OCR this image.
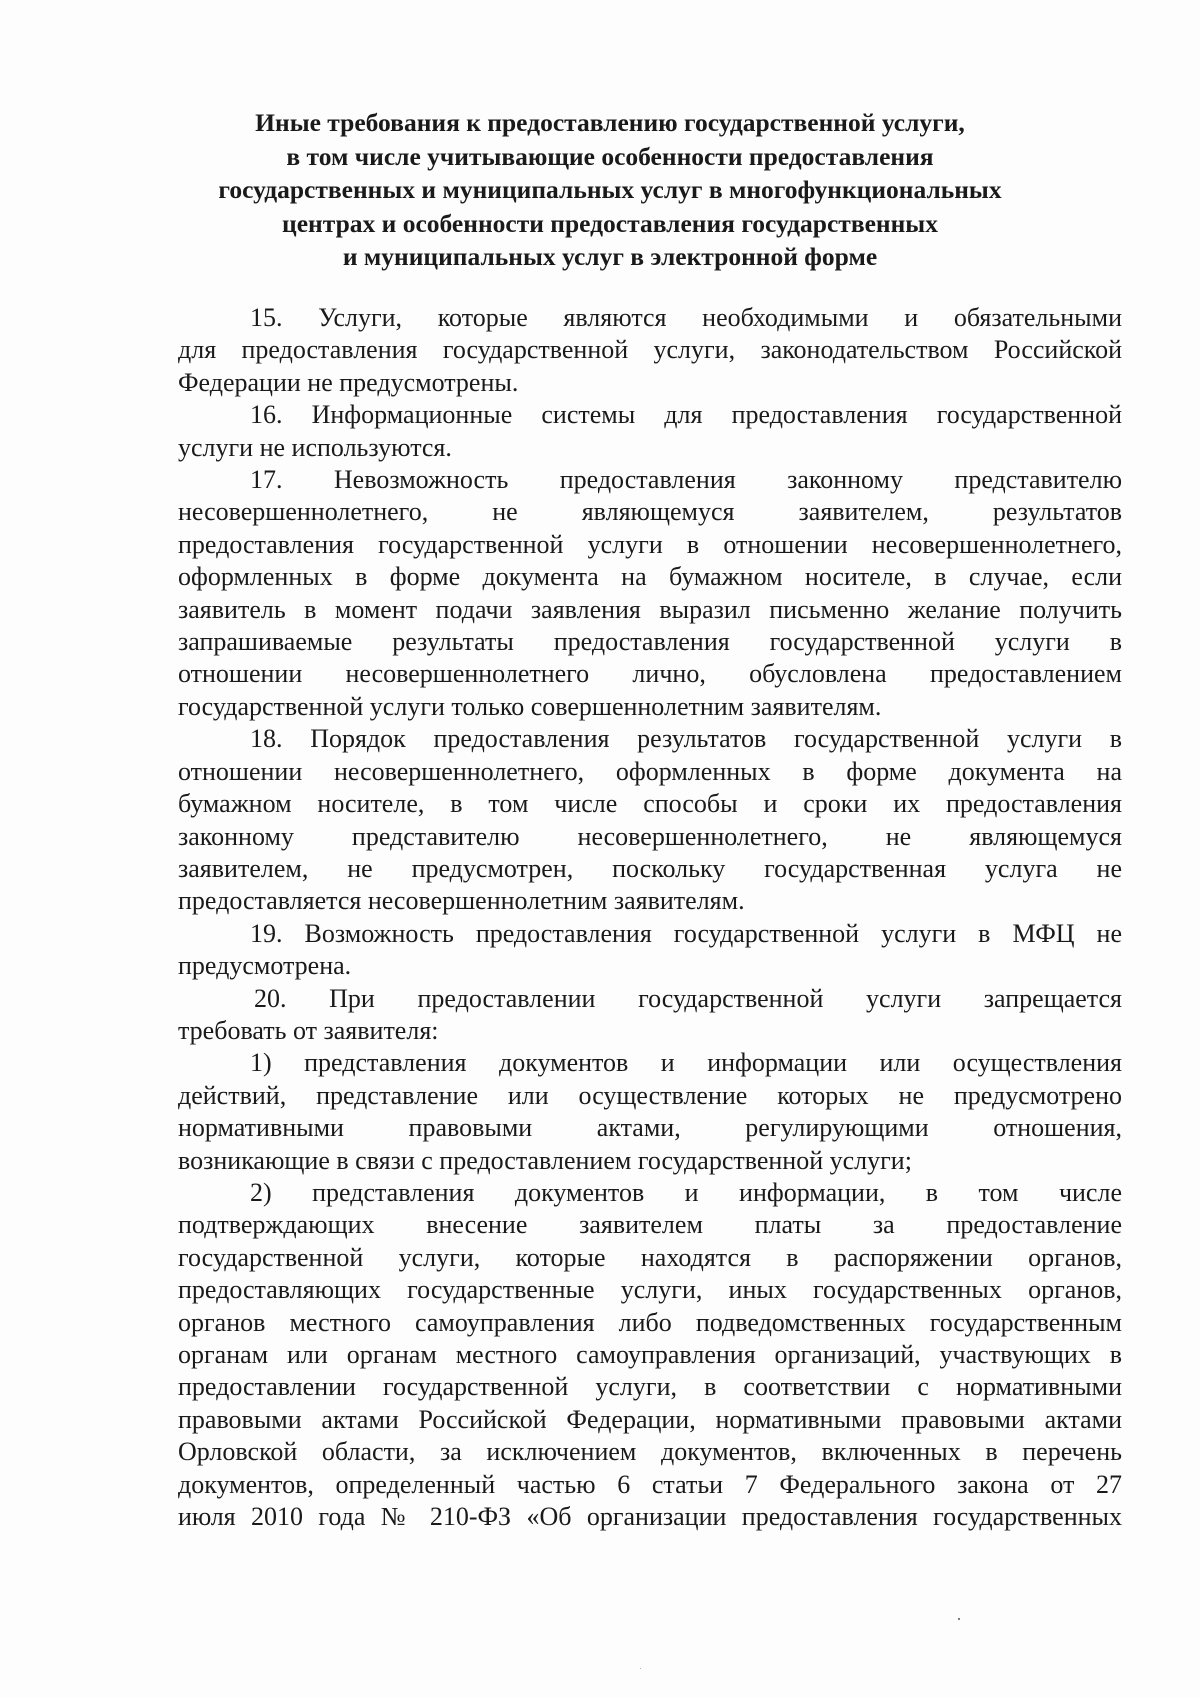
Иные требования к предоставлению государственной услуги,
в том числе учитывающие особенности предоставления
государственных и муниципальных услуг в многофункциональных
центрах и особенности предоставления государственных
и муниципальных услуг в электронной форме
15. Услуги, которые являются необходимыми и обязательными
для предоставления государственной услуги, законодательством Российской
Федерации не предусмотрены.
16. Информационные системы для предоставления государственной
услуги не используются.
17. Невозможность предоставления законному представителю
несовершеннолетнего, не являющемуся заявителем, результатов
предоставления государственной услуги в отношении несовершеннолетнего,
оформленных в форме документа на бумажном носителе, в случае, если
заявитель в момент подачи заявления выразил письменно желание получить
запрашиваемые результаты предоставления государственной услуги в
отношении несовершеннолетнего лично, обусловлена предоставлением
государственной услуги только совершеннолетним заявителям.
18. Порядок предоставления результатов государственной услуги в
отношении несовершеннолетнего, оформленных в форме документа на
бумажном носителе, в том числе способы и сроки их предоставления
законному представителю несовершеннолетнего, не являющемуся
заявителем, не предусмотрен, поскольку государственная услуга не
предоставляется несовершеннолетним заявителям.
19. Возможность предоставления государственной услуги в МФЦ не
предусмотрена.
20. При предоставлении государственной услуги запрещается
требовать от заявителя:
1) представления документов и информации или осуществления
действий, представление или осуществление которых не предусмотрено
нормативными правовыми актами, регулирующими отношения,
возникающие в связи с предоставлением государственной услуги;
2) представления документов и информации, в том числе
подтверждающих внесение заявителем платы за предоставление
государственной услуги, которые находятся в распоряжении органов,
предоставляющих государственные услуги, иных государственных органов,
органов местного самоуправления либо подведомственных государственным
органам или органам местного самоуправления организаций, участвующих в
предоставлении государственной услуги, в соответствии с нормативными
правовыми актами Российской Федерации, нормативными правовыми актами
Орловской области, за исключением документов, включенных в перечень
документов, определенный частью 6 статьи 7 Федерального закона от 27
июля 2010 года № 210-ФЗ «Об организации предоставления государственных
